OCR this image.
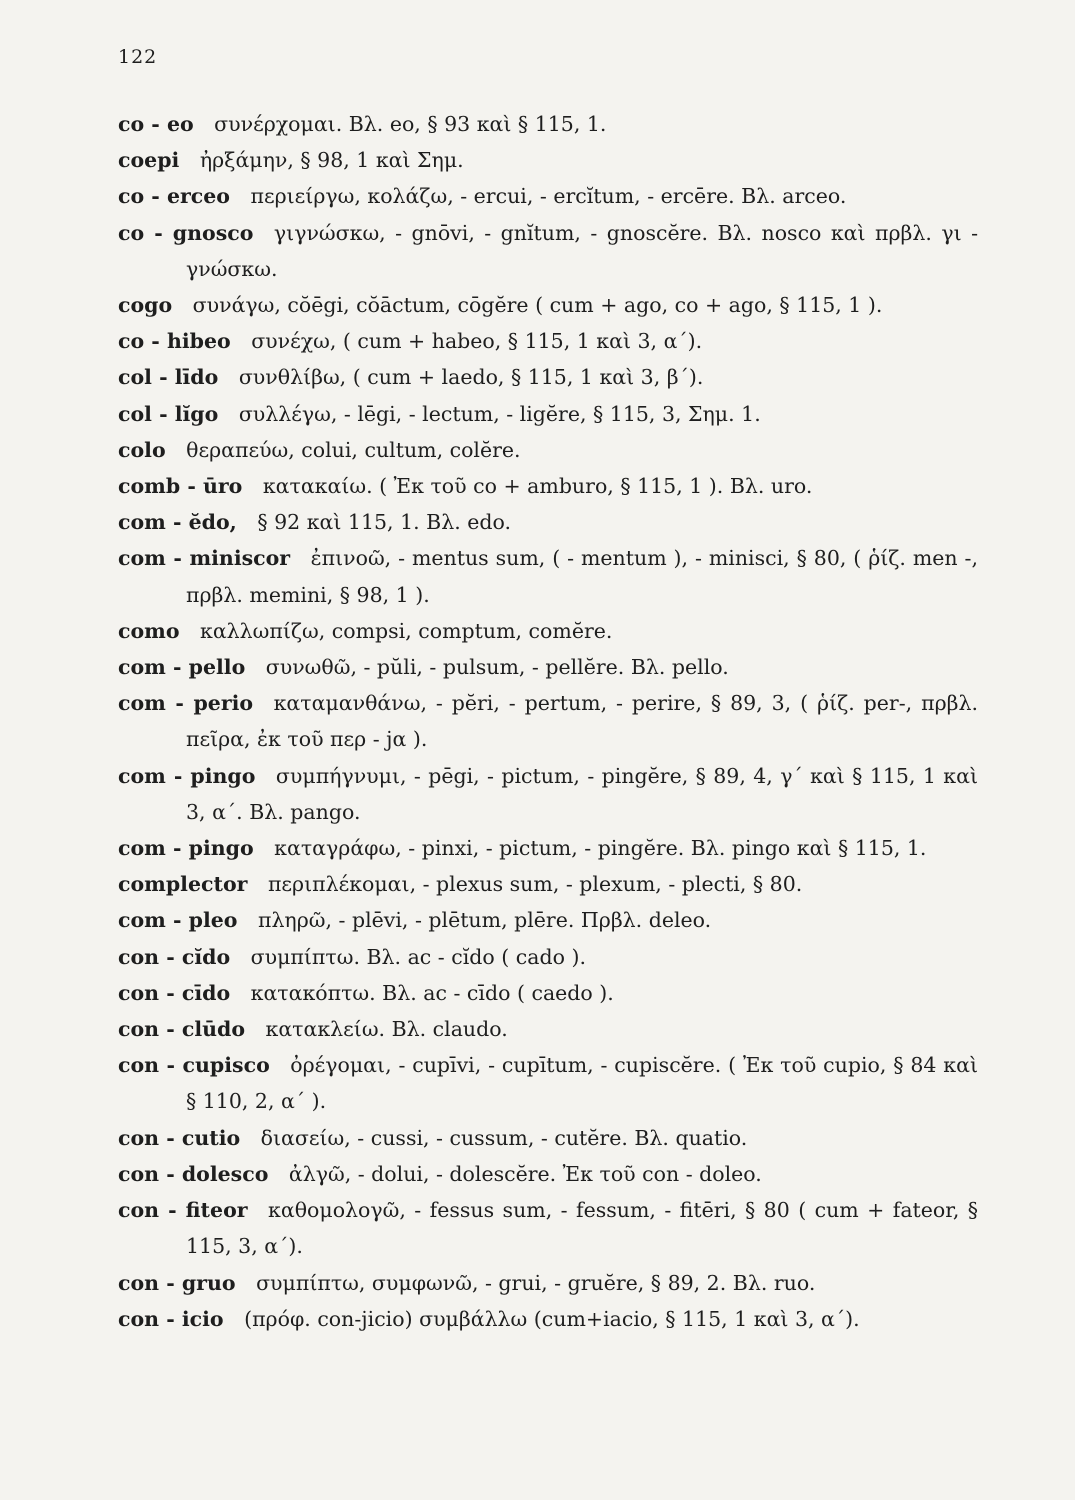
122

co - eo  συνέρχομαι. Βλ. eo, § 93 καὶ § 115, 1.

coepi  ἠρξάμην, § 98, 1 καὶ Σημ.

co - erceo  περιείργω, κολάζω, - ercui, - ercĭtum, - ercēre. Βλ. arceo.

co - gnosco  γιγνώσκω, - gnōvi, - gnĭtum, - gnoscĕre. Βλ. nosco καὶ πρβλ. γι - γνώσκω.

cogo  συνάγω, cŏēgi, cŏāctum, cōgĕre ( cum + ago, co + ago, § 115, 1 ).

co - hibeo  συνέχω, ( cum + habeo, § 115, 1 καὶ 3, α΄).

col - līdo  συνθλίβω, ( cum + laedo, § 115, 1 καὶ 3, β΄).

col - lĭgo  συλλέγω, - lēgi, - lectum, - ligĕre, § 115, 3, Σημ. 1.

colo  θεραπεύω, colui, cultum, colĕre.

comb - ūro  κατακαίω. ( Ἐκ τοῦ co + amburo, § 115, 1 ). Βλ. uro.

com - ĕdo,  § 92 καὶ 115, 1. Βλ. edo.

com - miniscor  ἐπινοῶ, - mentus sum, ( - mentum ), - minisci, § 80, ( ῥίζ. men -, πρβλ. memini, § 98, 1 ).

como  καλλωπίζω, compsi, comptum, comĕre.

com - pello  συνωθῶ, - pŭli, - pulsum, - pellĕre. Βλ. pello.

com - perio  καταμανθάνω, - pĕri, - pertum, - perire, § 89, 3, ( ῥίζ. per-, πρβλ. πεῖρα, ἐκ τοῦ περ - jα ).

com - pingo  συμπήγνυμι, - pēgi, - pictum, - pingĕre, § 89, 4, γ΄ καὶ § 115, 1 καὶ 3, α΄. Βλ. pango.

com - pingo  καταγράφω, - pinxi, - pictum, - pingĕre. Βλ. pingo καὶ § 115, 1.

complector  περιπλέκομαι, - plexus sum, - plexum, - plecti, § 80.

com - pleo  πληρῶ, - plēvi, - plētum, plēre. Πρβλ. deleo.

con - cĭdo  συμπίπτω. Βλ. ac - cĭdo ( cado ).

con - cīdo  κατακόπτω. Βλ. ac - cīdo ( caedo ).

con - clūdo  κατακλείω. Βλ. claudo.

con - cupisco  ὀρέγομαι, - cupīvi, - cupītum, - cupiscĕre. ( Ἐκ τοῦ cupio, § 84 καὶ § 110, 2, α΄ ).

con - cutio  διασείω, - cussi, - cussum, - cutĕre. Βλ. quatio.

con - dolesco  ἀλγῶ, - dolui, - dolescĕre. Ἐκ τοῦ con - doleo.

con - fiteor  καθομολογῶ, - fessus sum, - fessum, - fitēri, § 80 ( cum + fateor, § 115, 3, α΄).

con - gruo  συμπίπτω, συμφωνῶ, - grui, - gruĕre, § 89, 2. Βλ. ruo.

con - icio  (πρόφ. con-jicio) συμβάλλω (cum+iacio, § 115, 1 καὶ 3, α΄).
